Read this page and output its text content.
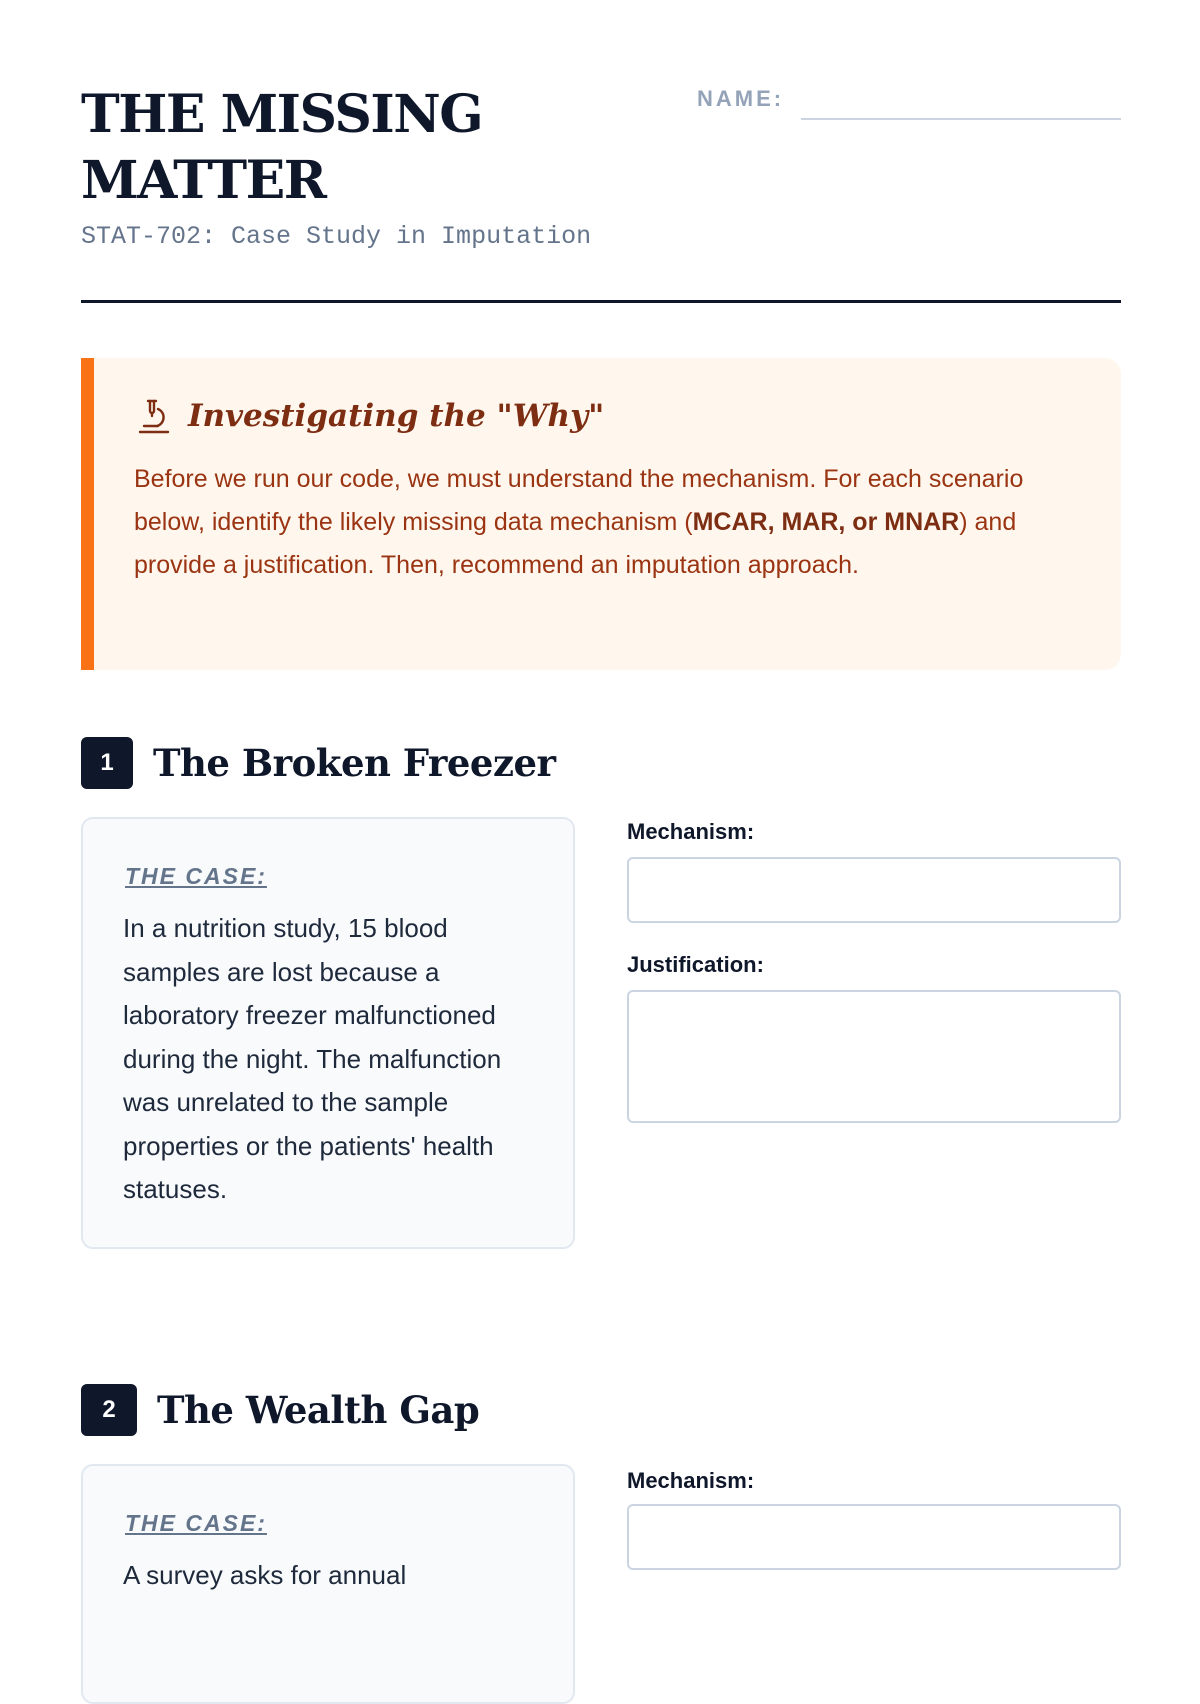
THE MISSING MATTER
STAT-702: Case Study in Imputation
NAME:
Investigating the "Why"

Before we run our code, we must understand the mechanism. For each scenario below, identify the likely missing data mechanism (MCAR, MAR, or MNAR) and provide a justification. Then, recommend an imputation approach.

1	The Broken Freezer
THE CASE:

In a nutrition study, 15 blood samples are lost because a laboratory freezer malfunctioned during the night. The malfunction was unrelated to the sample properties or the patients' health statuses.

Mechanism:
Justification:
2	The Wealth Gap
THE CASE:

A survey asks for annual

Mechanism:
